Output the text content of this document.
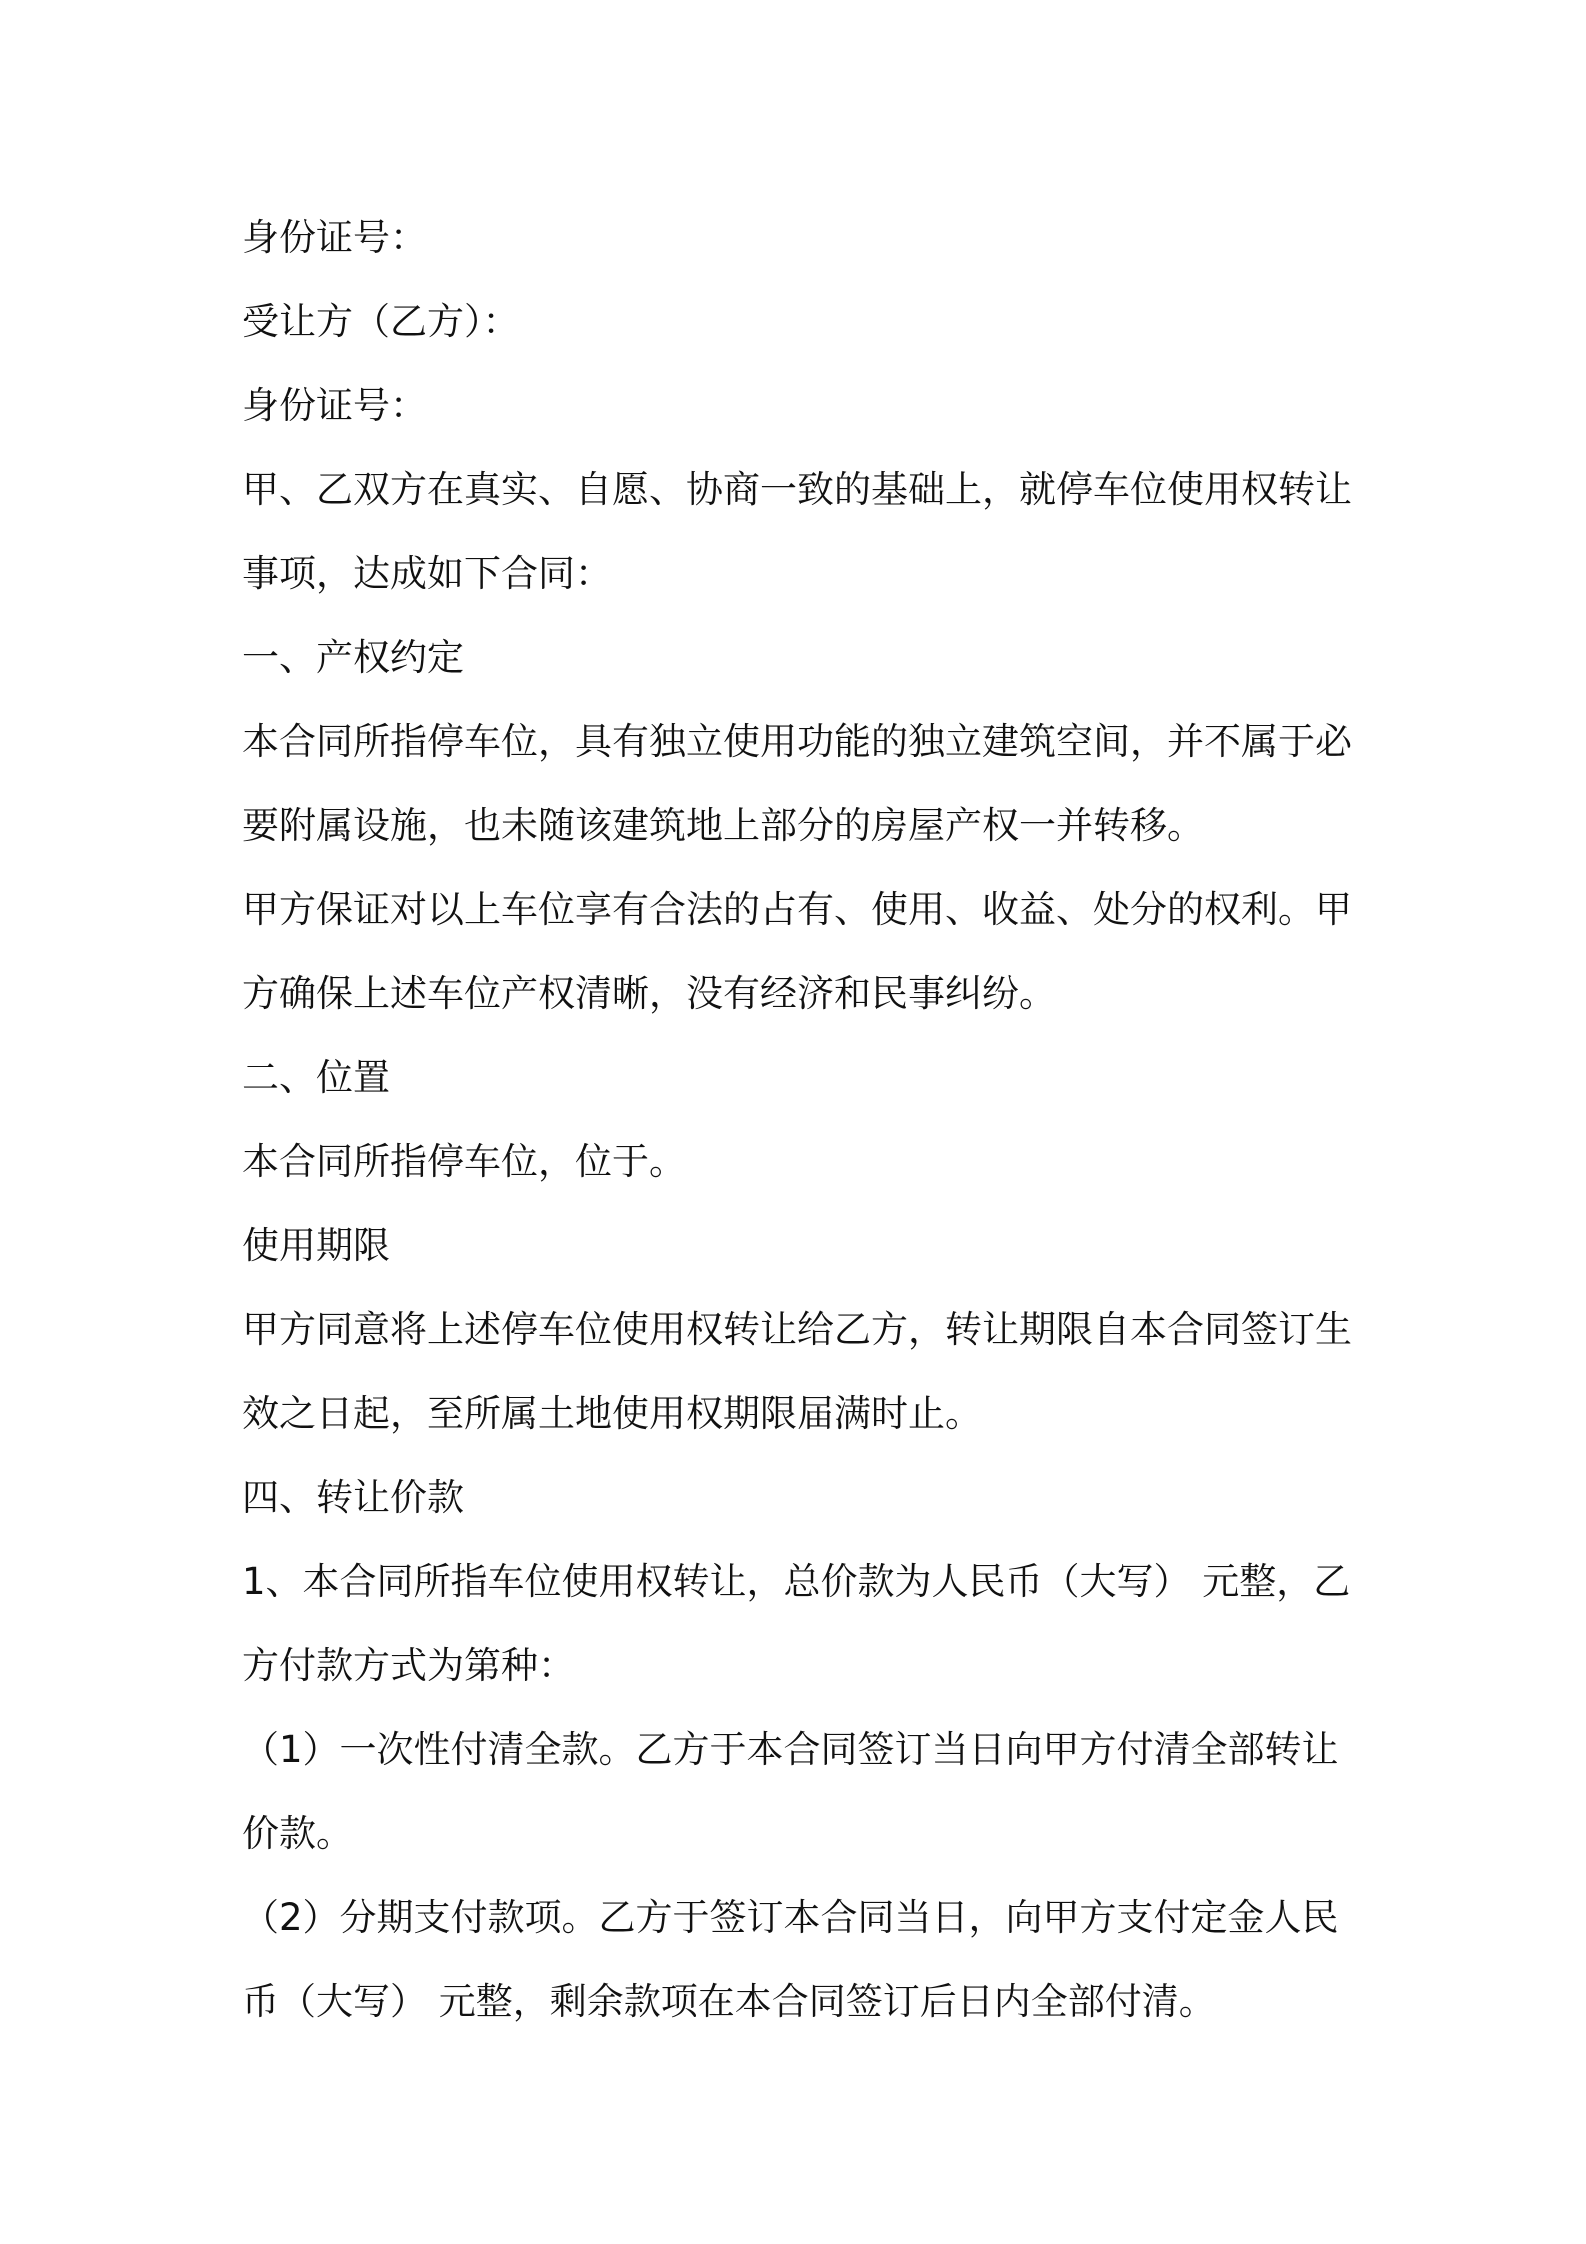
身份证号：
受让方（乙方）：
身份证号：
甲、乙双方在真实、自愿、协商一致的基础上，就停车位使用权转让
事项，达成如下合同：
一、产权约定
本合同所指停车位，具有独立使用功能的独立建筑空间，并不属于必
要附属设施，也未随该建筑地上部分的房屋产权一并转移。
甲方保证对以上车位享有合法的占有、使用、收益、处分的权利。甲
方确保上述车位产权清晰，没有经济和民事纠纷。
二、位置
本合同所指停车位，位于。
使用期限
甲方同意将上述停车位使用权转让给乙方，转让期限自本合同签订生
效之日起，至所属土地使用权期限届满时止。
四、转让价款
1、本合同所指车位使用权转让，总价款为人民币（大写） 元整，乙
方付款方式为第种：
（1）一次性付清全款。乙方于本合同签订当日向甲方付清全部转让
价款。
（2）分期支付款项。乙方于签订本合同当日，向甲方支付定金人民
币（大写） 元整，剩余款项在本合同签订后日内全部付清。
